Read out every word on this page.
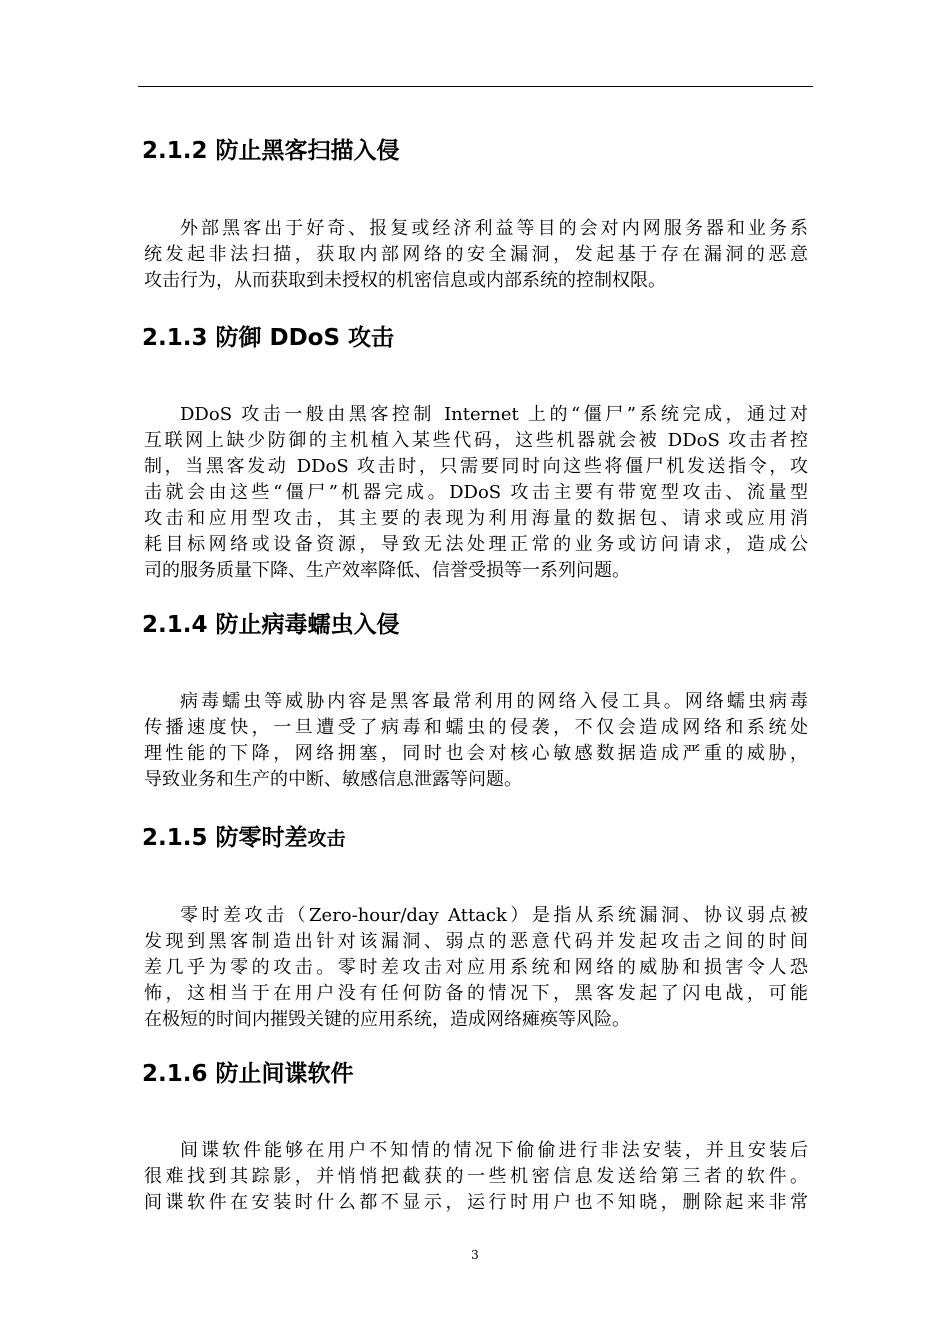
2.1.2 防止黑客扫描入侵
外部黑客出于好奇、报复或经济利益等目的会对内网服务器和业务系
统发起非法扫描，获取内部网络的安全漏洞，发起基于存在漏洞的恶意
攻击行为，从而获取到未授权的机密信息或内部系统的控制权限。
2.1.3 防御 DDoS 攻击
DDoS 攻击一般由黑客控制 Internet 上的“僵尸”系统完成，通过对
互联网上缺少防御的主机植入某些代码，这些机器就会被 DDoS 攻击者控
制，当黑客发动 DDoS 攻击时，只需要同时向这些将僵尸机发送指令，攻
击就会由这些“僵尸”机器完成。DDoS 攻击主要有带宽型攻击、流量型
攻击和应用型攻击，其主要的表现为利用海量的数据包、请求或应用消
耗目标网络或设备资源，导致无法处理正常的业务或访问请求，造成公
司的服务质量下降、生产效率降低、信誉受损等一系列问题。
2.1.4 防止病毒蠕虫入侵
病毒蠕虫等威胁内容是黑客最常利用的网络入侵工具。网络蠕虫病毒
传播速度快，一旦遭受了病毒和蠕虫的侵袭，不仅会造成网络和系统处
理性能的下降，网络拥塞，同时也会对核心敏感数据造成严重的威胁，
导致业务和生产的中断、敏感信息泄露等问题。
2.1.5 防零时差攻击
零时差攻击（Zero-hour/day Attack）是指从系统漏洞、协议弱点被
发现到黑客制造出针对该漏洞、弱点的恶意代码并发起攻击之间的时间
差几乎为零的攻击。零时差攻击对应用系统和网络的威胁和损害令人恐
怖，这相当于在用户没有任何防备的情况下，黑客发起了闪电战，可能
在极短的时间内摧毁关键的应用系统，造成网络瘫痪等风险。
2.1.6 防止间谍软件
间谍软件能够在用户不知情的情况下偷偷进行非法安装，并且安装后
很难找到其踪影，并悄悄把截获的一些机密信息发送给第三者的软件。
间谍软件在安装时什么都不显示，运行时用户也不知晓，删除起来非常
3
